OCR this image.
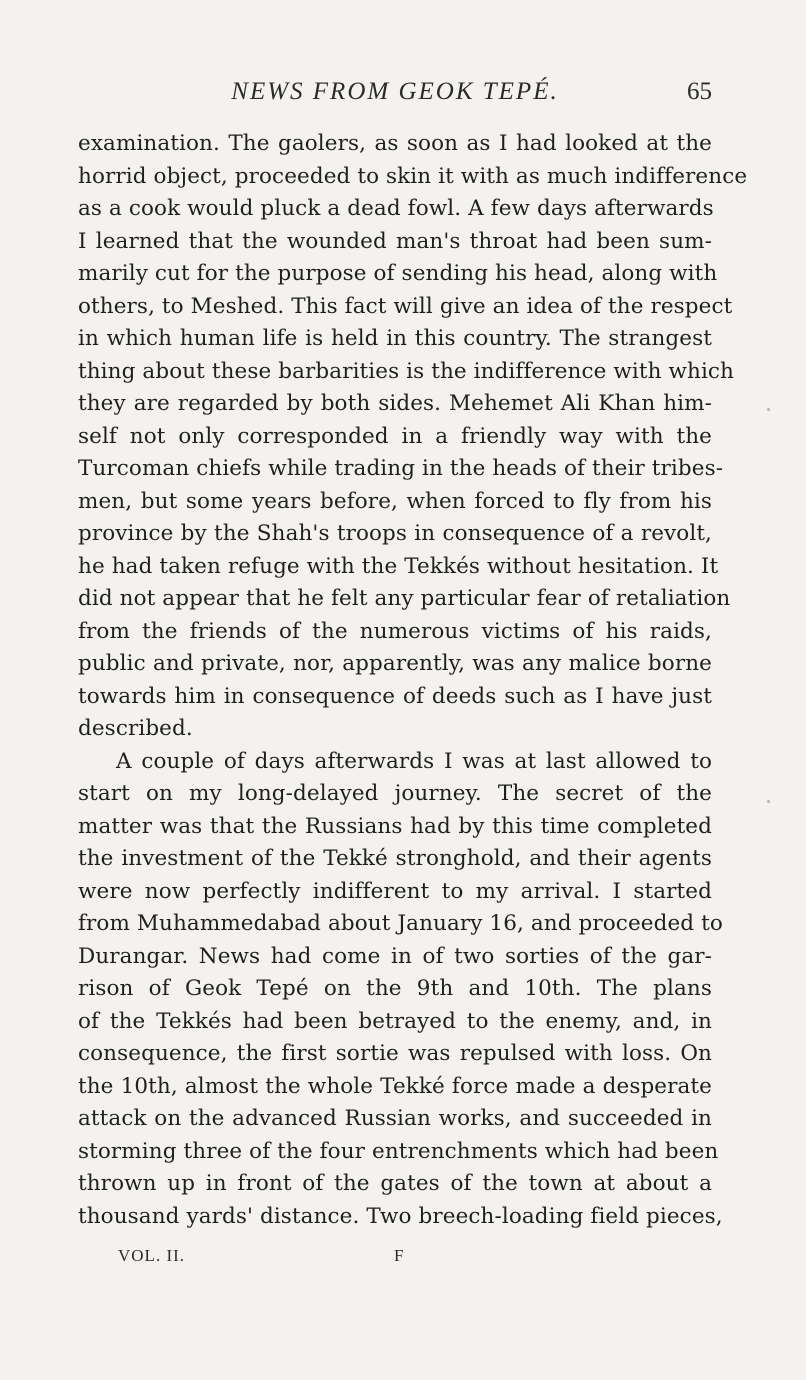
NEWS FROM GEOK TEPÉ.	65
examination. The gaolers, as soon as I had looked at the
horrid object, proceeded to skin it with as much indifference
as a cook would pluck a dead fowl. A few days afterwards
I learned that the wounded man's throat had been sum-
marily cut for the purpose of sending his head, along with
others, to Meshed. This fact will give an idea of the respect
in which human life is held in this country. The strangest
thing about these barbarities is the indifference with which
they are regarded by both sides. Mehemet Ali Khan him-
self not only corresponded in a friendly way with the
Turcoman chiefs while trading in the heads of their tribes-
men, but some years before, when forced to fly from his
province by the Shah's troops in consequence of a revolt,
he had taken refuge with the Tekkés without hesitation. It
did not appear that he felt any particular fear of retaliation
from the friends of the numerous victims of his raids,
public and private, nor, apparently, was any malice borne
towards him in consequence of deeds such as I have just
described.
A couple of days afterwards I was at last allowed to
start on my long-delayed journey. The secret of the
matter was that the Russians had by this time completed
the investment of the Tekké stronghold, and their agents
were now perfectly indifferent to my arrival. I started
from Muhammedabad about January 16, and proceeded to
Durangar. News had come in of two sorties of the gar-
rison of Geok Tepé on the 9th and 10th. The plans
of the Tekkés had been betrayed to the enemy, and, in
consequence, the first sortie was repulsed with loss. On
the 10th, almost the whole Tekké force made a desperate
attack on the advanced Russian works, and succeeded in
storming three of the four entrenchments which had been
thrown up in front of the gates of the town at about a
thousand yards' distance. Two breech-loading field pieces,
VOL. II.	F
